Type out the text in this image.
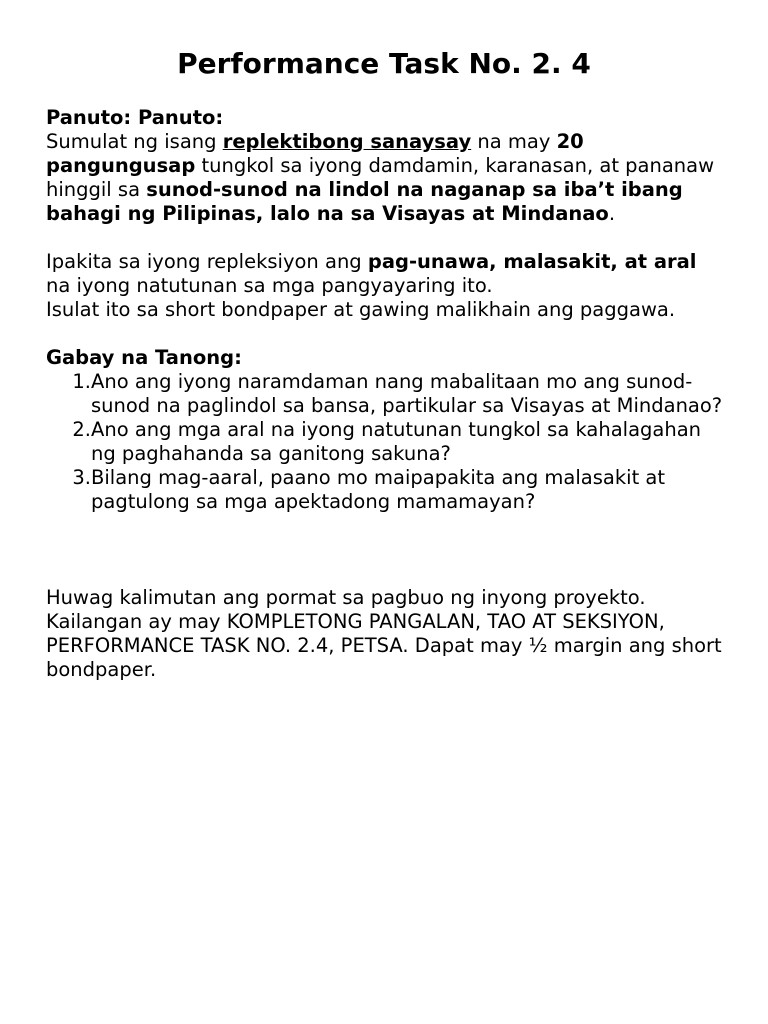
Performance Task No. 2. 4

Panuto: Panuto:

Sumulat ng isang replektibong sanaysay na may 20 pangungusap tungkol sa iyong damdamin, karanasan, at pananaw hinggil sa sunod-sunod na lindol na naganap sa iba’t ibang bahagi ng Pilipinas, lalo na sa Visayas at Mindanao.

Ipakita sa iyong repleksiyon ang pag-unawa, malasakit, at aral na iyong natutunan sa mga pangyayaring ito.

Isulat ito sa short bondpaper at gawing malikhain ang paggawa.

Gabay na Tanong:

1. Ano ang iyong naramdaman nang mabalitaan mo ang sunod-sunod na paglindol sa bansa, partikular sa Visayas at Mindanao?
2. Ano ang mga aral na iyong natutunan tungkol sa kahalagahan ng paghahanda sa ganitong sakuna?
3. Bilang mag-aaral, paano mo maipapakita ang malasakit at pagtulong sa mga apektadong mamamayan?

Huwag kalimutan ang pormat sa pagbuo ng inyong proyekto.

Kailangan ay may KOMPLETONG PANGALAN, TAO AT SEKSIYON, PERFORMANCE TASK NO. 2.4, PETSA. Dapat may ½ margin ang short bondpaper.
